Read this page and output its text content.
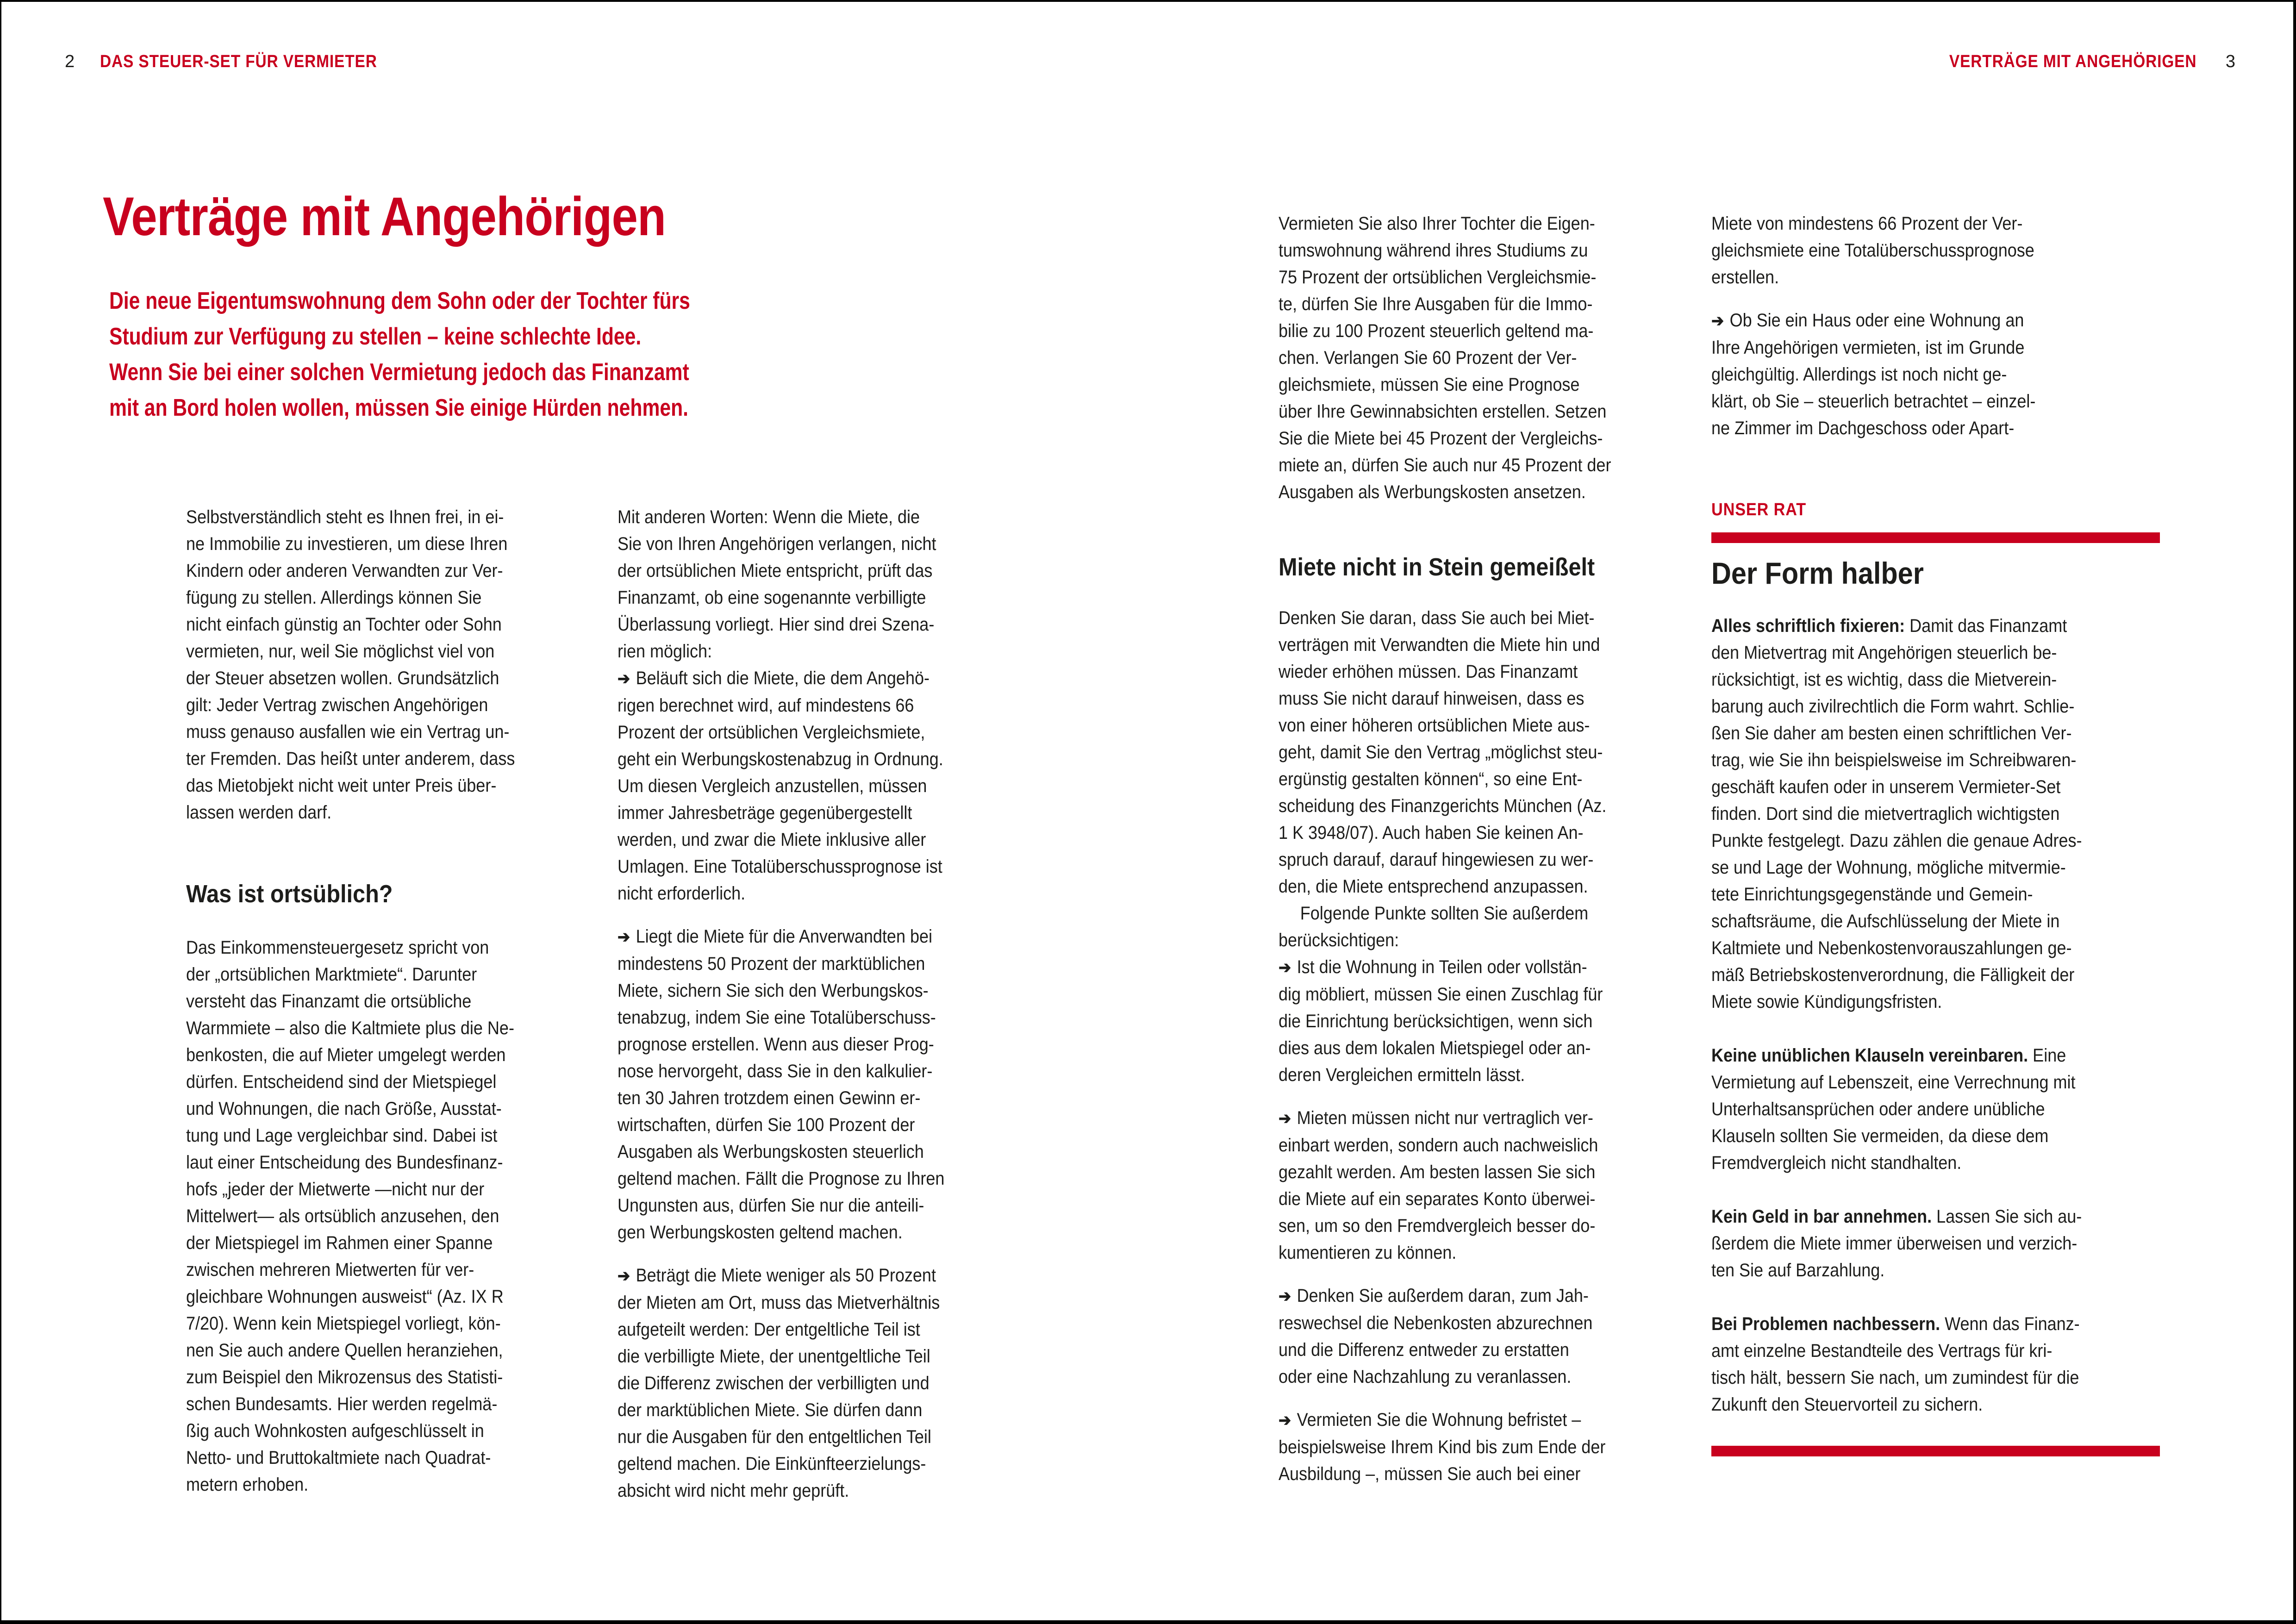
2 DAS STEUER-SET FÜR VERMIETER	VERTRÄGE MIT ANGEHÖRIGEN 3
Verträge mit Angehörigen
Die neue Eigentumswohnung dem Sohn oder der Tochter fürs
Studium zur Verfügung zu stellen – keine schlechte Idee.
Wenn Sie bei einer solchen Vermietung jedoch das Finanzamt
mit an Bord holen wollen, müssen Sie einige Hürden nehmen.

Selbstverständlich steht es Ihnen frei, in ei-
ne Immobilie zu investieren, um diese Ihren
Kindern oder anderen Verwandten zur Ver-
fügung zu stellen. Allerdings können Sie
nicht einfach günstig an Tochter oder Sohn
vermieten, nur, weil Sie möglichst viel von
der Steuer absetzen wollen. Grundsätzlich
gilt: Jeder Vertrag zwischen Angehörigen
muss genauso ausfallen wie ein Vertrag un-
ter Fremden. Das heißt unter anderem, dass
das Mietobjekt nicht weit unter Preis über-
lassen werden darf.

Was ist ortsüblich?

Das Einkommensteuergesetz spricht von
der „ortsüblichen Marktmiete“. Darunter
versteht das Finanzamt die ortsübliche
Warmmiete – also die Kaltmiete plus die Ne-
benkosten, die auf Mieter umgelegt werden
dürfen. Entscheidend sind der Mietspiegel
und Wohnungen, die nach Größe, Ausstat-
tung und Lage vergleichbar sind. Dabei ist
laut einer Entscheidung des Bundesfinanz-
hofs „jeder der Mietwerte —nicht nur der
Mittelwert— als ortsüblich anzusehen, den
der Mietspiegel im Rahmen einer Spanne
zwischen mehreren Mietwerten für ver-
gleichbare Wohnungen ausweist“ (Az. IX R
7/20). Wenn kein Mietspiegel vorliegt, kön-
nen Sie auch andere Quellen heranziehen,
zum Beispiel den Mikrozensus des Statisti-
schen Bundesamts. Hier werden regelmä-
ßig auch Wohnkosten aufgeschlüsselt in
Netto- und Bruttokaltmiete nach Quadrat-
metern erhoben.

Mit anderen Worten: Wenn die Miete, die
Sie von Ihren Angehörigen verlangen, nicht
der ortsüblichen Miete entspricht, prüft das
Finanzamt, ob eine sogenannte verbilligte
Überlassung vorliegt. Hier sind drei Szena-
rien möglich:

➔ Beläuft sich die Miete, die dem Angehö-
rigen berechnet wird, auf mindestens 66
Prozent der ortsüblichen Vergleichsmiete,
geht ein Werbungskostenabzug in Ordnung.
Um diesen Vergleich anzustellen, müssen
immer Jahresbeträge gegenübergestellt
werden, und zwar die Miete inklusive aller
Umlagen. Eine Totalüberschussprognose ist
nicht erforderlich.

➔ Liegt die Miete für die Anverwandten bei
mindestens 50 Prozent der marktüblichen
Miete, sichern Sie sich den Werbungskos-
tenabzug, indem Sie eine Totalüberschuss-
prognose erstellen. Wenn aus dieser Prog-
nose hervorgeht, dass Sie in den kalkulier-
ten 30 Jahren trotzdem einen Gewinn er-
wirtschaften, dürfen Sie 100 Prozent der
Ausgaben als Werbungskosten steuerlich
geltend machen. Fällt die Prognose zu Ihren
Ungunsten aus, dürfen Sie nur die anteili-
gen Werbungskosten geltend machen.

➔ Beträgt die Miete weniger als 50 Prozent
der Mieten am Ort, muss das Mietverhältnis
aufgeteilt werden: Der entgeltliche Teil ist
die verbilligte Miete, der unentgeltliche Teil
die Differenz zwischen der verbilligten und
der marktüblichen Miete. Sie dürfen dann
nur die Ausgaben für den entgeltlichen Teil
geltend machen. Die Einkünfteerzielungs-
absicht wird nicht mehr geprüft.

Vermieten Sie also Ihrer Tochter die Eigen-
tumswohnung während ihres Studiums zu
75 Prozent der ortsüblichen Vergleichsmie-
te, dürfen Sie Ihre Ausgaben für die Immo-
bilie zu 100 Prozent steuerlich geltend ma-
chen. Verlangen Sie 60 Prozent der Ver-
gleichsmiete, müssen Sie eine Prognose
über Ihre Gewinnabsichten erstellen. Setzen
Sie die Miete bei 45 Prozent der Vergleichs-
miete an, dürfen Sie auch nur 45 Prozent der
Ausgaben als Werbungskosten ansetzen.

Miete nicht in Stein gemeißelt

Denken Sie daran, dass Sie auch bei Miet-
verträgen mit Verwandten die Miete hin und
wieder erhöhen müssen. Das Finanzamt
muss Sie nicht darauf hinweisen, dass es
von einer höheren ortsüblichen Miete aus-
geht, damit Sie den Vertrag „möglichst steu-
ergünstig gestalten können“, so eine Ent-
scheidung des Finanzgerichts München (Az.
1 K 3948/07). Auch haben Sie keinen An-
spruch darauf, darauf hingewiesen zu wer-
den, die Miete entsprechend anzupassen.

Folgende Punkte sollten Sie außerdem
berücksichtigen:

➔ Ist die Wohnung in Teilen oder vollstän-
dig möbliert, müssen Sie einen Zuschlag für
die Einrichtung berücksichtigen, wenn sich
dies aus dem lokalen Mietspiegel oder an-
deren Vergleichen ermitteln lässt.

➔ Mieten müssen nicht nur vertraglich ver-
einbart werden, sondern auch nachweislich
gezahlt werden. Am besten lassen Sie sich
die Miete auf ein separates Konto überwei-
sen, um so den Fremdvergleich besser do-
kumentieren zu können.

➔ Denken Sie außerdem daran, zum Jah-
reswechsel die Nebenkosten abzurechnen
und die Differenz entweder zu erstatten
oder eine Nachzahlung zu veranlassen.

➔ Vermieten Sie die Wohnung befristet –
beispielsweise Ihrem Kind bis zum Ende der
Ausbildung –, müssen Sie auch bei einer

Miete von mindestens 66 Prozent der Ver-
gleichsmiete eine Totalüberschussprognose
erstellen.

➔ Ob Sie ein Haus oder eine Wohnung an
Ihre Angehörigen vermieten, ist im Grunde
gleichgültig. Allerdings ist noch nicht ge-
klärt, ob Sie – steuerlich betrachtet – einzel-
ne Zimmer im Dachgeschoss oder Apart-

UNSER RAT

Der Form halber

Alles schriftlich fixieren: Damit das Finanzamt
den Mietvertrag mit Angehörigen steuerlich be-
rücksichtigt, ist es wichtig, dass die Mietverein-
barung auch zivilrechtlich die Form wahrt. Schlie-
ßen Sie daher am besten einen schriftlichen Ver-
trag, wie Sie ihn beispielsweise im Schreibwaren-
geschäft kaufen oder in unserem Vermieter-Set
finden. Dort sind die mietvertraglich wichtigsten
Punkte festgelegt. Dazu zählen die genaue Adres-
se und Lage der Wohnung, mögliche mitvermie-
tete Einrichtungsgegenstände und Gemein-
schaftsräume, die Aufschlüsselung der Miete in
Kaltmiete und Nebenkostenvorauszahlungen ge-
mäß Betriebskostenverordnung, die Fälligkeit der
Miete sowie Kündigungsfristen.

Keine unüblichen Klauseln vereinbaren. Eine
Vermietung auf Lebenszeit, eine Verrechnung mit
Unterhaltsansprüchen oder andere unübliche
Klauseln sollten Sie vermeiden, da diese dem
Fremdvergleich nicht standhalten.

Kein Geld in bar annehmen. Lassen Sie sich au-
ßerdem die Miete immer überweisen und verzich-
ten Sie auf Barzahlung.

Bei Problemen nachbessern. Wenn das Finanz-
amt einzelne Bestandteile des Vertrags für kri-
tisch hält, bessern Sie nach, um zumindest für die
Zukunft den Steuervorteil zu sichern.
